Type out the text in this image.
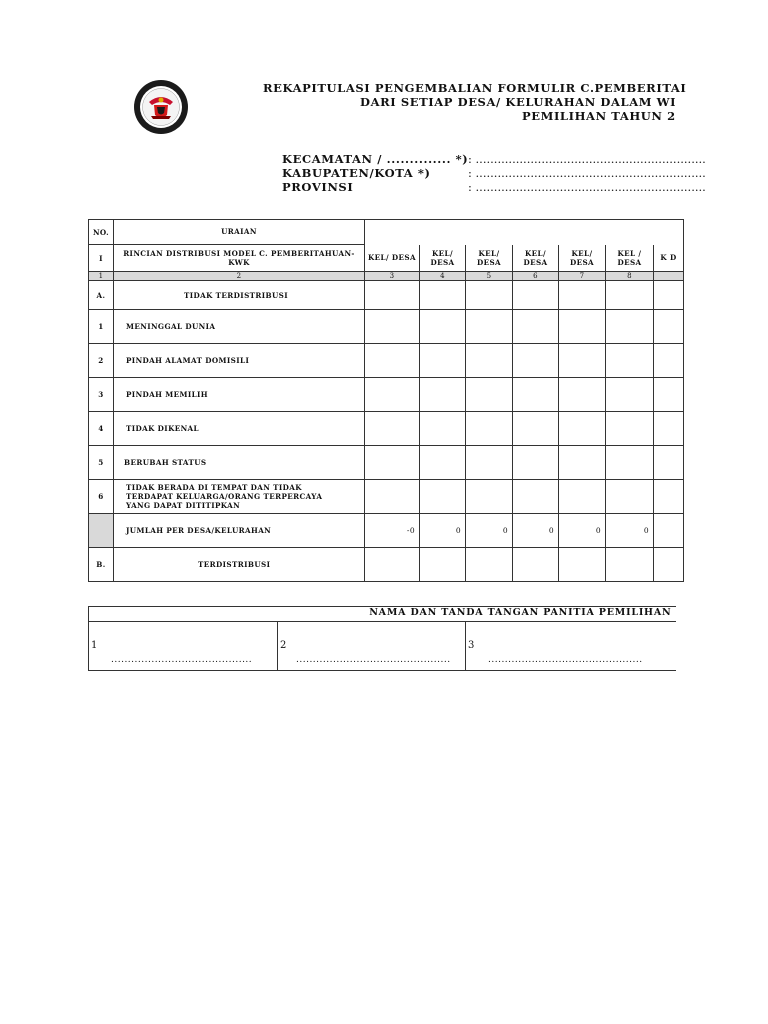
REKAPITULASI PENGEMBALIAN FORMULIR C.PEMBERITAI
DARI SETIAP DESA/ KELURAHAN DALAM WI
PEMILIHAN TAHUN 2
KECAMATAN / .............. *) : ...............................................................
KABUPATEN/KOTA *)	: ...............................................................
PROVINSI	: ...............................................................
NO.	URAIAN							
I	RINCIAN DISTRIBUSI MODEL C. PEMBERITAHUAN-KWK	KEL/ DESA	KEL/ DESA	KEL/ DESA	KEL/ DESA	KEL/ DESA	KEL / DESA	K D
1	2	3	4	5	6	7	8	
A.	TIDAK TERDISTRIBUSI							
1	MENINGGAL DUNIA							
2	PINDAH ALAMAT DOMISILI							
3	PINDAH MEMILIH							
4	TIDAK DIKENAL							
5	BERUBAH STATUS							
6	TIDAK BERADA DI TEMPAT DAN TIDAK TERDAPAT KELUARGA/ORANG TERPERCAYA YANG DAPAT DITITIPKAN							
	JUMLAH PER DESA/KELURAHAN	-0	0	0	0	0	0	
B.	TERDISTRIBUSI							
NAMA DAN TANDA TANGAN PANITIA PEMILIHAN

1
..........................................

2
..............................................

3
..............................................
